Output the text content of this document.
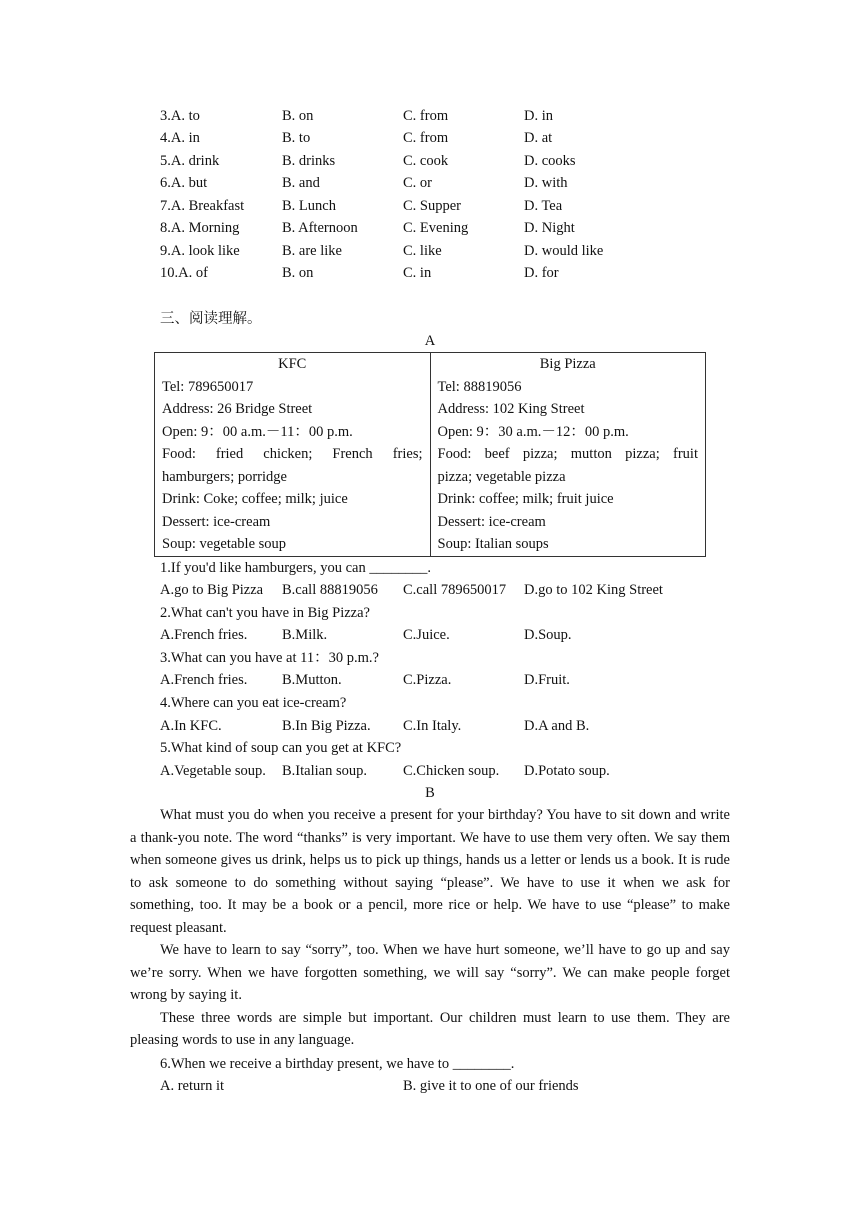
3.A. to	B. on	C. from	D. in
4.A. in	B. to	C. from	D. at
5.A. drink	B. drinks	C. cook	D. cooks
6.A. but	B. and	C. or	D. with
7.A. Breakfast	B. Lunch	C. Supper	D. Tea
8.A. Morning	B. Afternoon	C. Evening	D. Night
9.A. look like	B. are like	C. like	D. would like
10.A. of	B. on	C. in	D. for
三、阅读理解。
A
KFC
Tel: 789650017
Address: 26 Bridge Street
Open: 9：00 a.m.－11：00 p.m.
Food: fried chicken; French fries;
hamburgers; porridge
Drink: Coke; coffee; milk; juice
Dessert: ice-cream
Soup: vegetable soup

Big Pizza
Tel: 88819056
Address: 102 King Street
Open: 9：30 a.m.－12：00 p.m.
Food: beef pizza; mutton pizza; fruit
pizza; vegetable pizza
Drink: coffee; milk; fruit juice
Dessert: ice-cream
Soup: Italian soups
1.If you'd like hamburgers, you can ________.
A.go to Big Pizza B.call 88819056 C.call 789650017 D.go to 102 King Street
2.What can't you have in Big Pizza?
A.French fries. B.Milk.	C.Juice.	D.Soup.
3.What can you have at 11：30 p.m.?
A.French fries. B.Mutton.	C.Pizza.	D.Fruit.
4.Where can you eat ice-cream?
A.In KFC.	B.In Big Pizza. C.In Italy.	D.A and B.
5.What kind of soup can you get at KFC?
A.Vegetable soup. B.Italian soup. C.Chicken soup. D.Potato soup.
B
What must you do when you receive a present for your birthday? You have to sit down and write a thank-you note. The word “thanks” is very important. We have to use them very often. We say them when someone gives us drink, helps us to pick up things, hands us a letter or lends us a book. It is rude to ask someone to do something without saying “please”. We have to use it when we ask for something, too. It may be a book or a pencil, more rice or help. We have to use “please” to make request pleasant.
We have to learn to say “sorry”, too. When we have hurt someone, we’ll have to go up and say we’re sorry. When we have forgotten something, we will say “sorry”. We can make people forget wrong by saying it.
These three words are simple but important. Our children must learn to use them. They are pleasing words to use in any language.
6.When we receive a birthday present, we have to ________.
A. return it	B. give it to one of our friends
